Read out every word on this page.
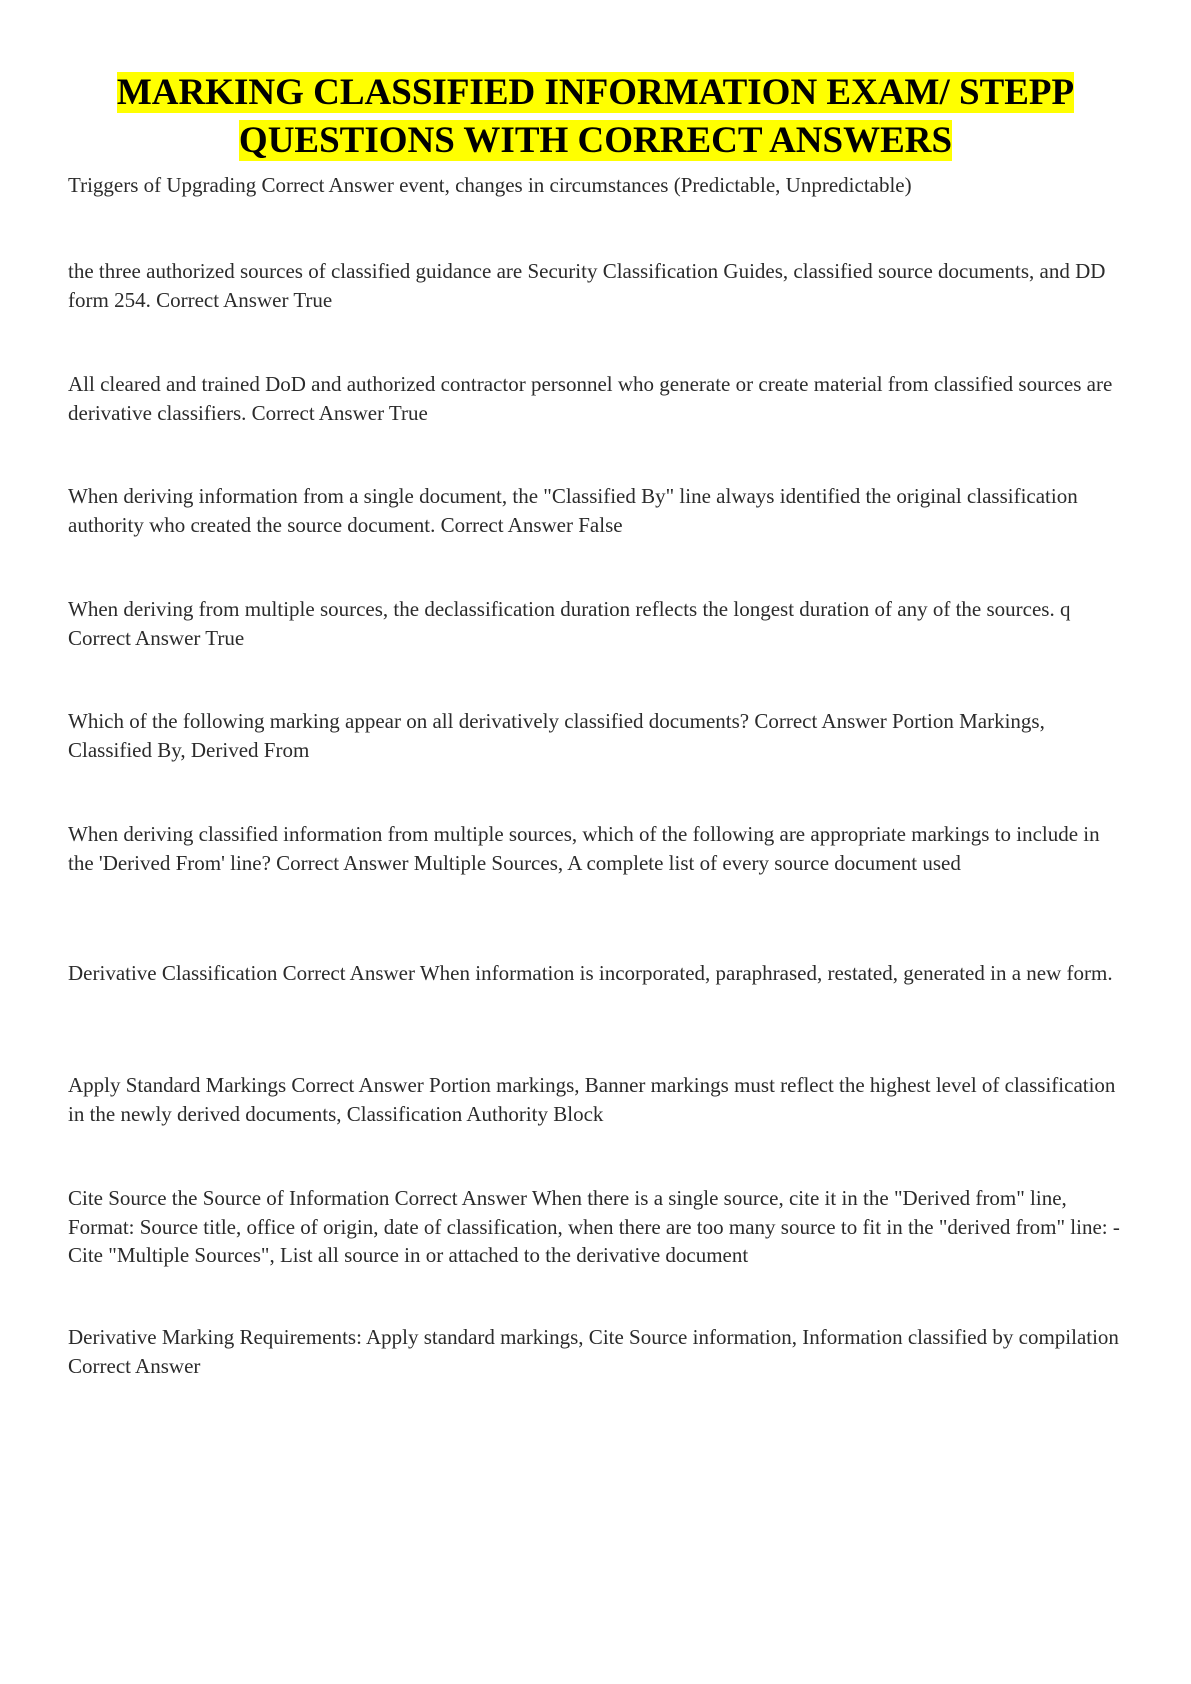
MARKING CLASSIFIED INFORMATION EXAM/ STEPP
QUESTIONS WITH CORRECT ANSWERS

Triggers of Upgrading Correct Answer event, changes in circumstances (Predictable, Unpredictable)

the three authorized sources of classified guidance are Security Classification Guides, classified source documents, and DD form 254. Correct Answer True

All cleared and trained DoD and authorized contractor personnel who generate or create material from classified sources are derivative classifiers. Correct Answer True

When deriving information from a single document, the "Classified By" line always identified the original classification authority who created the source document. Correct Answer False

When deriving from multiple sources, the declassification duration reflects the longest duration of any of the sources. q Correct Answer True

Which of the following marking appear on all derivatively classified documents? Correct Answer Portion Markings, Classified By, Derived From

When deriving classified information from multiple sources, which of the following are appropriate markings to include in the 'Derived From' line? Correct Answer Multiple Sources, A complete list of every source document used

Derivative Classification Correct Answer When information is incorporated, paraphrased, restated, generated in a new form.

Apply Standard Markings Correct Answer Portion markings, Banner markings must reflect the highest level of classification in the newly derived documents, Classification Authority Block

Cite Source the Source of Information Correct Answer When there is a single source, cite it in the "Derived from" line, Format: Source title, office of origin, date of classification, when there are too many source to fit in the "derived from" line: -Cite "Multiple Sources", List all source in or attached to the derivative document

Derivative Marking Requirements: Apply standard markings, Cite Source information, Information classified by compilation Correct Answer
